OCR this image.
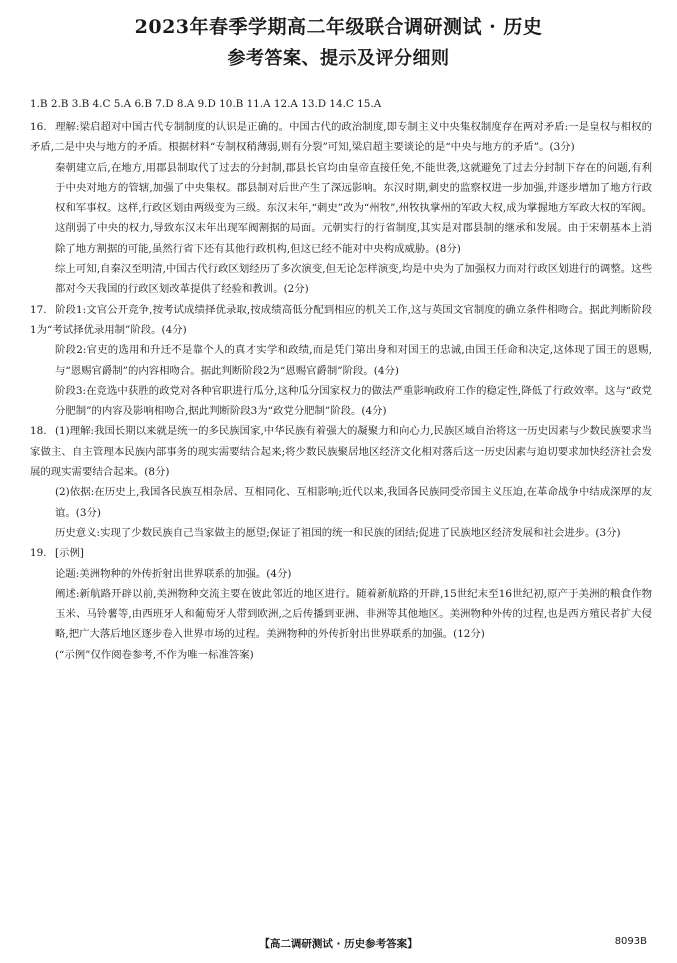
2023年春季学期高二年级联合调研测试 · 历史
参考答案、提示及评分细则
1.B 2.B 3.B 4.C 5.A 6.B 7.D 8.A 9.D 10.B 11.A 12.A 13.D 14.C 15.A
16. 理解:梁启超对中国古代专制制度的认识是正确的。中国古代的政治制度,即专制主义中央集权制度存在两对矛盾:一是皇权与相权的矛盾,二是中央与地方的矛盾。根据材料“专制权稍薄弱,则有分裂”可知,梁启超主要谈论的是“中央与地方的矛盾”。(3分)
秦朝建立后,在地方,用郡县制取代了过去的分封制,郡县长官均由皇帝直接任免,不能世袭,这就避免了过去分封制下存在的问题,有利于中央对地方的管辖,加强了中央集权。郡县制对后世产生了深远影响。东汉时期,刺史的监察权进一步加强,并逐步增加了地方行政权和军事权。这样,行政区划由两级变为三级。东汉末年,“刺史”改为“州牧”,州牧执掌州的军政大权,成为掌握地方军政大权的军阀。这削弱了中央的权力,导致东汉末年出现军阀割据的局面。元朝实行的行省制度,其实是对郡县制的继承和发展。由于宋朝基本上消除了地方割据的可能,虽然行省下还有其他行政机构,但这已经不能对中央构成威胁。(8分)
综上可知,自秦汉至明清,中国古代行政区划经历了多次演变,但无论怎样演变,均是中央为了加强权力而对行政区划进行的调整。这些都对今天我国的行政区划改革提供了经验和教训。(2分)
17. 阶段1:文官公开竞争,按考试成绩择优录取,按成绩高低分配到相应的机关工作,这与英国文官制度的确立条件相吻合。据此判断阶段1为“考试择优录用制”阶段。(4分)
阶段2:官吏的选用和升迁不是靠个人的真才实学和政绩,而是凭门第出身和对国王的忠诚,由国王任命和决定,这体现了国王的恩赐,与“恩赐官爵制”的内容相吻合。据此判断阶段2为“恩赐官爵制”阶段。(4分)
阶段3:在竞选中获胜的政党对各种官职进行瓜分,这种瓜分国家权力的做法严重影响政府工作的稳定性,降低了行政效率。这与“政党分肥制”的内容及影响相吻合,据此判断阶段3为“政党分肥制”阶段。(4分)
18. (1)理解:我国长期以来就是统一的多民族国家,中华民族有着强大的凝聚力和向心力,民族区域自治将这一历史因素与少数民族要求当家做主、自主管理本民族内部事务的现实需要结合起来;将少数民族聚居地区经济文化相对落后这一历史因素与迫切要求加快经济社会发展的现实需要结合起来。(8分)
(2)依据:在历史上,我国各民族互相杂居、互相同化、互相影响;近代以来,我国各民族同受帝国主义压迫,在革命战争中结成深厚的友谊。(3分)
历史意义:实现了少数民族自己当家做主的愿望;保证了祖国的统一和民族的团结;促进了民族地区经济发展和社会进步。(3分)
19. [示例]
论题:美洲物种的外传折射出世界联系的加强。(4分)
阐述:新航路开辟以前,美洲物种交流主要在彼此邻近的地区进行。随着新航路的开辟,15世纪末至16世纪初,原产于美洲的粮食作物玉米、马铃薯等,由西班牙人和葡萄牙人带到欧洲,之后传播到亚洲、非洲等其他地区。美洲物种外传的过程,也是西方殖民者扩大侵略,把广大落后地区逐步卷入世界市场的过程。美洲物种的外传折射出世界联系的加强。(12分)
(“示例”仅作阅卷参考,不作为唯一标准答案)
【高二调研测试 · 历史参考答案】	8093B
